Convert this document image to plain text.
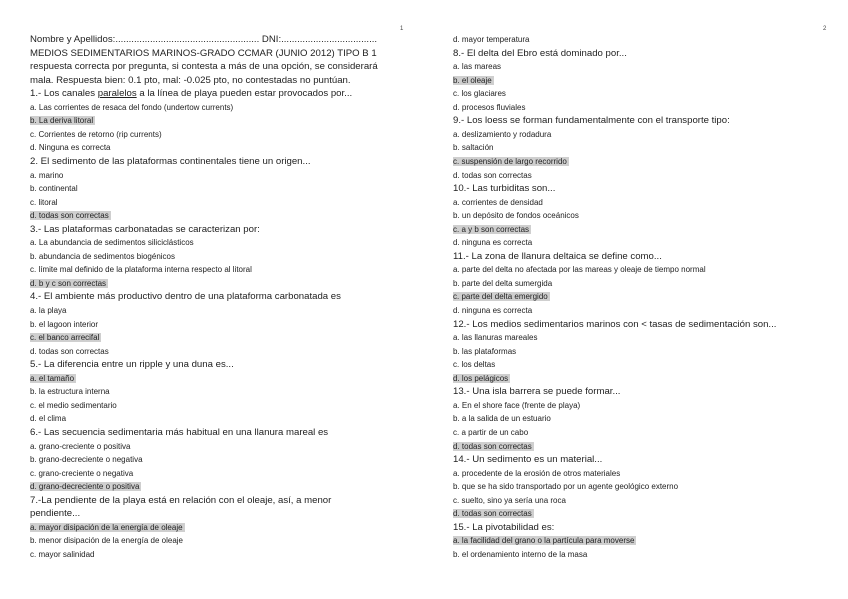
1	2
Nombre y Apellidos:...................................................... DNI:....................................
MEDIOS SEDIMENTARIOS MARINOS-GRADO CCMAR (JUNIO 2012) TIPO B 1
respuesta correcta por pregunta, si contesta a más de una opción, se considerará
mala. Respuesta bien: 0.1 pto, mal: -0.025 pto, no contestadas no puntúan.
1.- Los canales paralelos a la línea de playa pueden estar provocados por...
a. Las corrientes de resaca del fondo (undertow currents)
b. La deriva litoral
c. Corrientes de retorno (rip currents)
d. Ninguna es correcta
2. El sedimento de las plataformas continentales tiene un origen...
a. marino
b. continental
c. litoral
d. todas son correctas
3.- Las plataformas carbonatadas se caracterizan por:
a. La abundancia de sedimentos siliciclásticos
b. abundancia de sedimentos biogénicos
c. límite mal definido de la plataforma interna respecto al litoral
d. b y c son correctas
4.- El ambiente más productivo dentro de una plataforma carbonatada es
a. la playa
b. el lagoon interior
c. el banco arrecifal
d. todas son correctas
5.- La diferencia entre un ripple y una duna es...
a. el tamaño
b. la estructura interna
c. el medio sedimentario
d. el clima
6.- Las secuencia sedimentaria más habitual en una llanura mareal es
a. grano-creciente o positiva
b. grano-decreciente o negativa
c. grano-creciente o negativa
d. grano-decreciente o positiva
7.-La pendiente de la playa está en relación con el oleaje, así, a menor
pendiente...
a. mayor disipación de la energía de oleaje
b. menor disipación de la energía de oleaje
c. mayor salinidad
d. mayor temperatura
8.- El delta del Ebro está dominado por...
a. las mareas
b. el oleaje
c. los glaciares
d. procesos fluviales
9.- Los loess se forman fundamentalmente con el transporte tipo:
a. deslizamiento y rodadura
b. saltación
c. suspensión de largo recorrido
d. todas son correctas
10.- Las turbiditas son...
a. corrientes de densidad
b. un depósito de fondos oceánicos
c. a y b son correctas
d. ninguna es correcta
11.- La zona de llanura deltaica se define como...
a. parte del delta no afectada por las mareas y oleaje de tiempo normal
b. parte del delta sumergida
c. parte del delta emergido
d. ninguna es correcta
12.- Los medios sedimentarios marinos con < tasas de sedimentación son...
a. las llanuras mareales
b. las plataformas
c. los deltas
d. los pelágicos
13.- Una isla barrera se puede formar...
a. En el shore face (frente de playa)
b. a la salida de un estuario
c. a partir de un cabo
d. todas son correctas
14.- Un sedimento es un material...
a. procedente de la erosión de otros materiales
b. que se ha sido transportado por un agente geológico externo
c. suelto, sino ya sería una roca
d. todas son correctas
15.- La pivotabilidad es:
a. la facilidad del grano o la partícula para moverse
b. el ordenamiento interno de la masa
